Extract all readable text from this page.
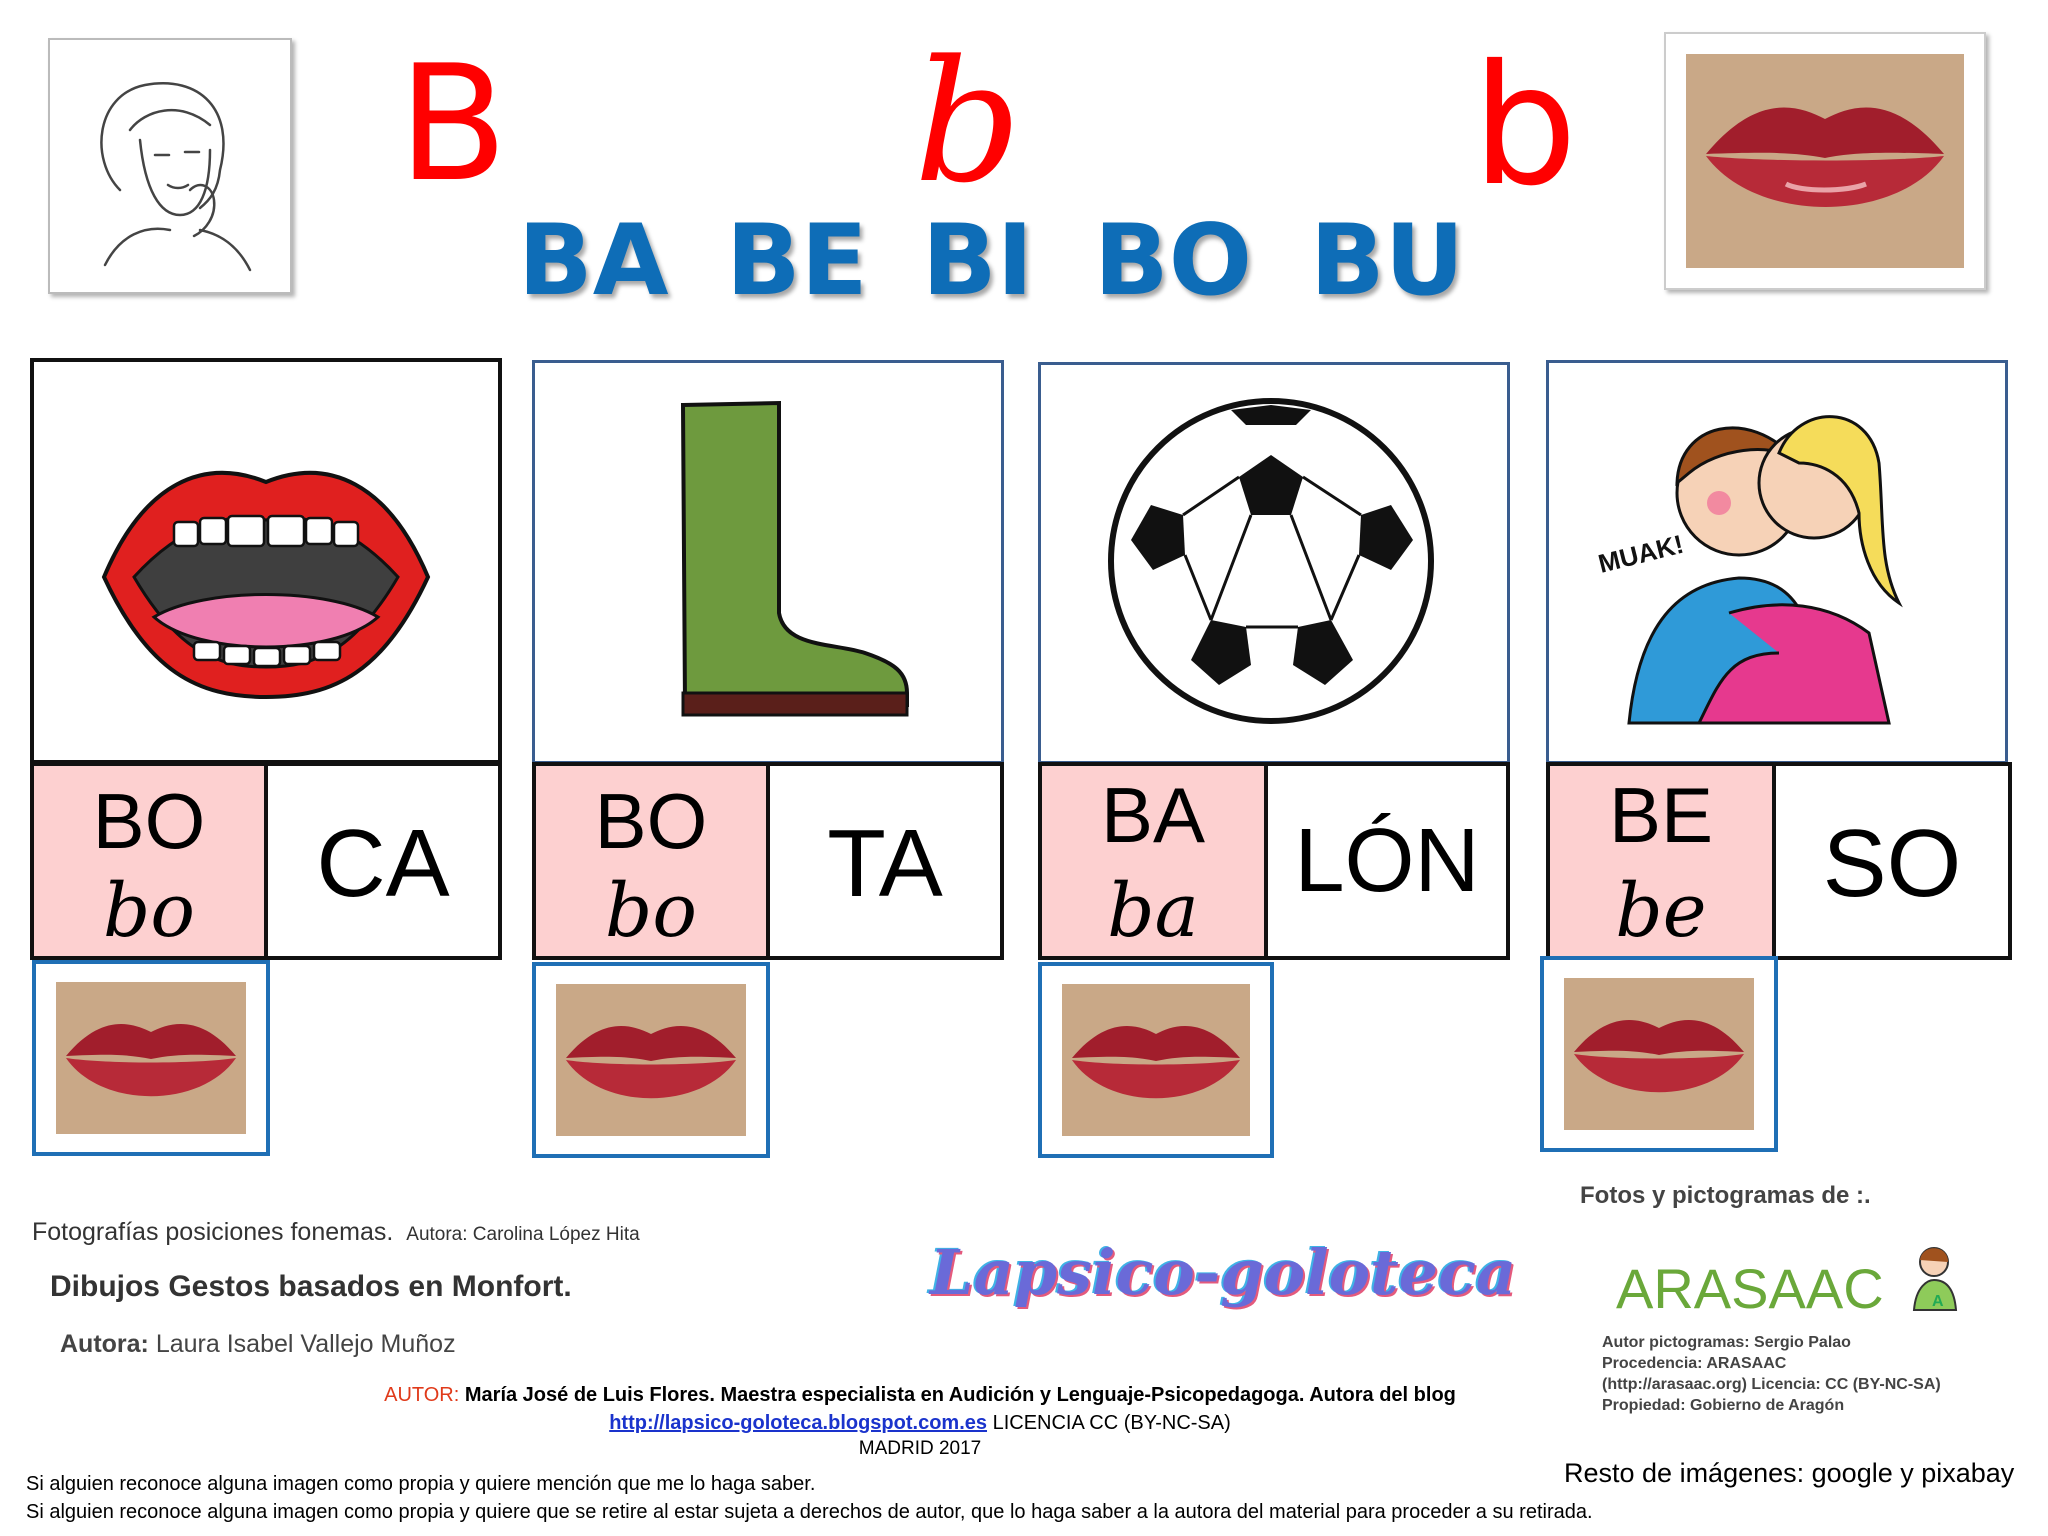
B b	b
BA BE BI BO BU
BO
bo	CA	BO
bo	TA	BA
ba	LÓN
MUAK!
BE
be	SO
Fotografías posiciones fonemas. Autora: Carolina López Hita
Dibujos Gestos basados en Monfort.
Autora: Laura Isabel Vallejo Muñoz
Lapsico-goloteca
Fotos y pictogramas de :.
ARASAAC	A
Autor pictogramas: Sergio Palao
Procedencia: ARASAAC
(http://arasaac.org) Licencia: CC (BY-NC-SA)
Propiedad: Gobierno de Aragón
AUTOR: María José de Luis Flores. Maestra especialista en Audición y Lenguaje-Psicopedagoga. Autora del blog
http://lapsico-goloteca.blogspot.com.es LICENCIA CC (BY-NC-SA)
MADRID 2017
Resto de imágenes: google y pixabay
Si alguien reconoce alguna imagen como propia y quiere mención que me lo haga saber.
Si alguien reconoce alguna imagen como propia y quiere que se retire al estar sujeta a derechos de autor, que lo haga saber a la autora del material para proceder a su retirada.
